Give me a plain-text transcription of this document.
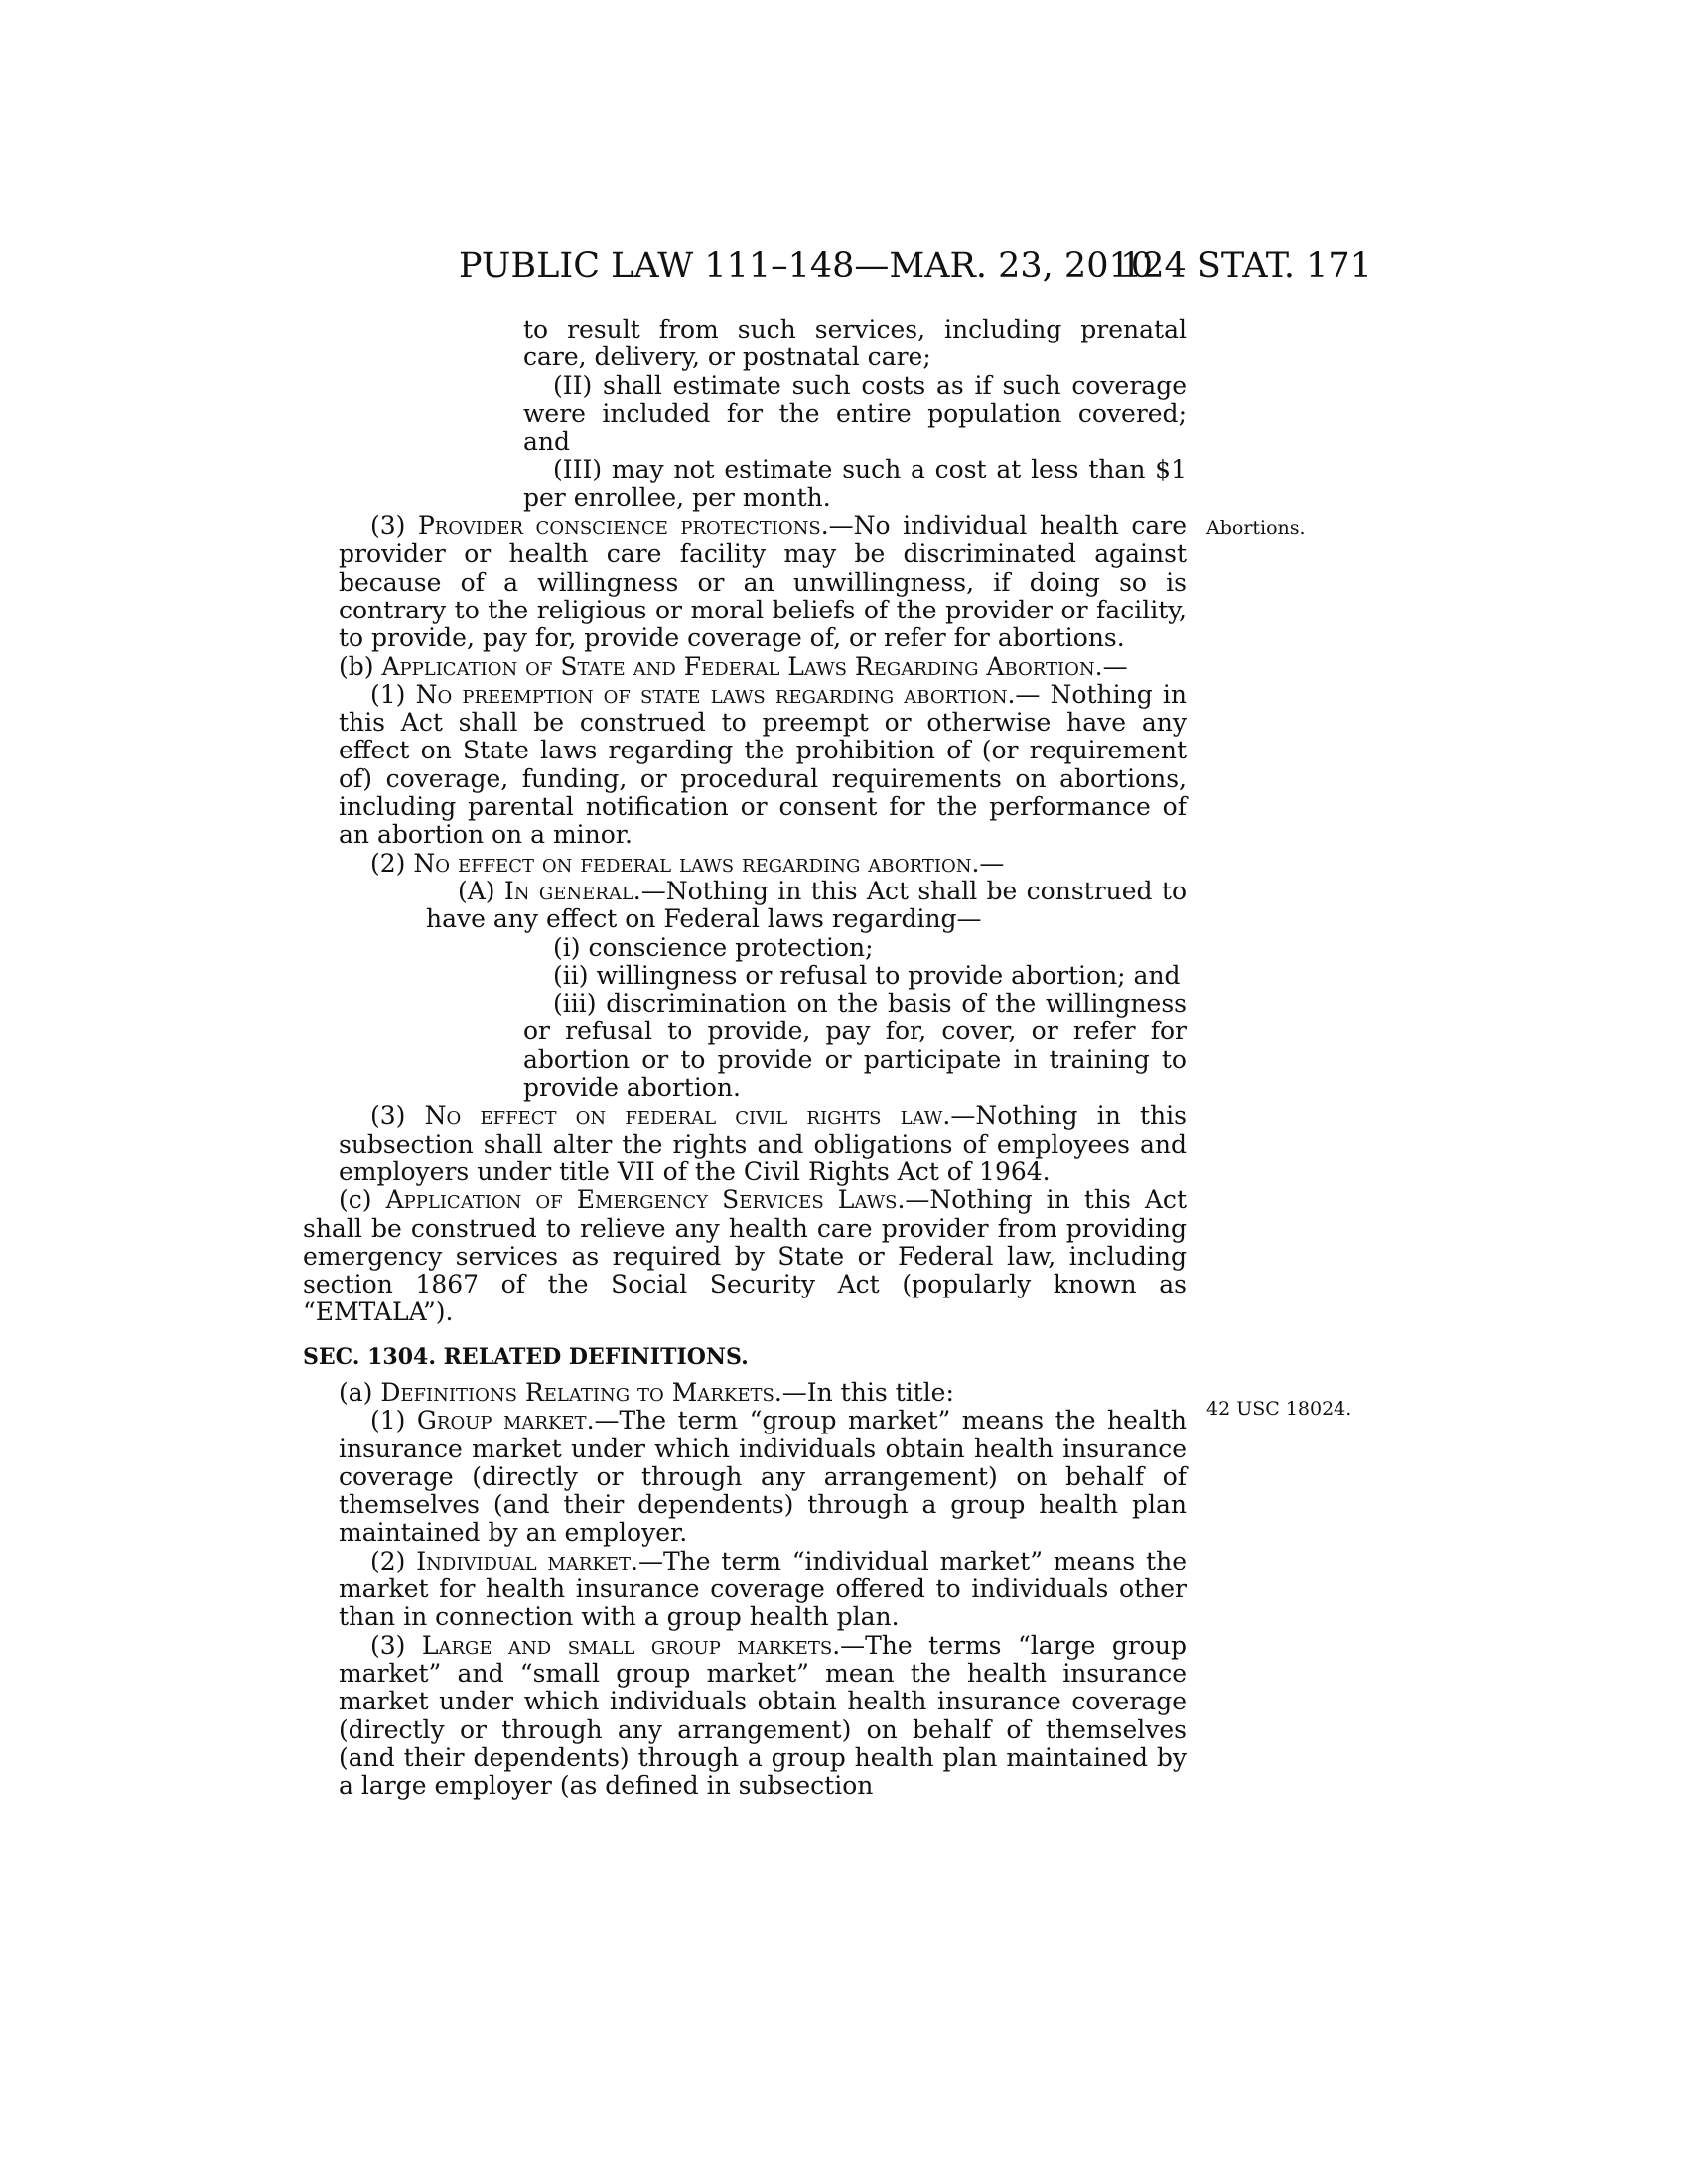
PUBLIC LAW 111–148—MAR. 23, 2010
124 STAT. 171
Abortions.
42 USC 18024.

to result from such services, including prenatal care, delivery, or postnatal care;

(II) shall estimate such costs as if such coverage were included for the entire population covered; and

(III) may not estimate such a cost at less than $1 per enrollee, per month.

(3) Provider conscience protections.—No individual health care provider or health care facility may be discriminated against because of a willingness or an unwillingness, if doing so is contrary to the religious or moral beliefs of the provider or facility, to provide, pay for, provide coverage of, or refer for abortions.

(b) Application of State and Federal Laws Regarding Abortion.—

(1) No preemption of state laws regarding abortion.— Nothing in this Act shall be construed to preempt or otherwise have any effect on State laws regarding the prohibition of (or requirement of) coverage, funding, or procedural requirements on abortions, including parental notification or consent for the performance of an abortion on a minor.

(2) No effect on federal laws regarding abortion.—

(A) In general.—Nothing in this Act shall be construed to have any effect on Federal laws regarding—

(i) conscience protection;

(ii) willingness or refusal to provide abortion; and

(iii) discrimination on the basis of the willingness or refusal to provide, pay for, cover, or refer for abortion or to provide or participate in training to provide abortion.

(3) No effect on federal civil rights law.—Nothing in this subsection shall alter the rights and obligations of employees and employers under title VII of the Civil Rights Act of 1964.

(c) Application of Emergency Services Laws.—Nothing in this Act shall be construed to relieve any health care provider from providing emergency services as required by State or Federal law, including section 1867 of the Social Security Act (popularly known as “EMTALA”).

SEC. 1304. RELATED DEFINITIONS.

(a) Definitions Relating to Markets.—In this title:

(1) Group market.—The term “group market” means the health insurance market under which individuals obtain health insurance coverage (directly or through any arrangement) on behalf of themselves (and their dependents) through a group health plan maintained by an employer.

(2) Individual market.—The term “individual market” means the market for health insurance coverage offered to individuals other than in connection with a group health plan.

(3) Large and small group markets.—The terms “large group market” and “small group market” mean the health insurance market under which individuals obtain health insurance coverage (directly or through any arrangement) on behalf of themselves (and their dependents) through a group health plan maintained by a large employer (as defined in subsection
